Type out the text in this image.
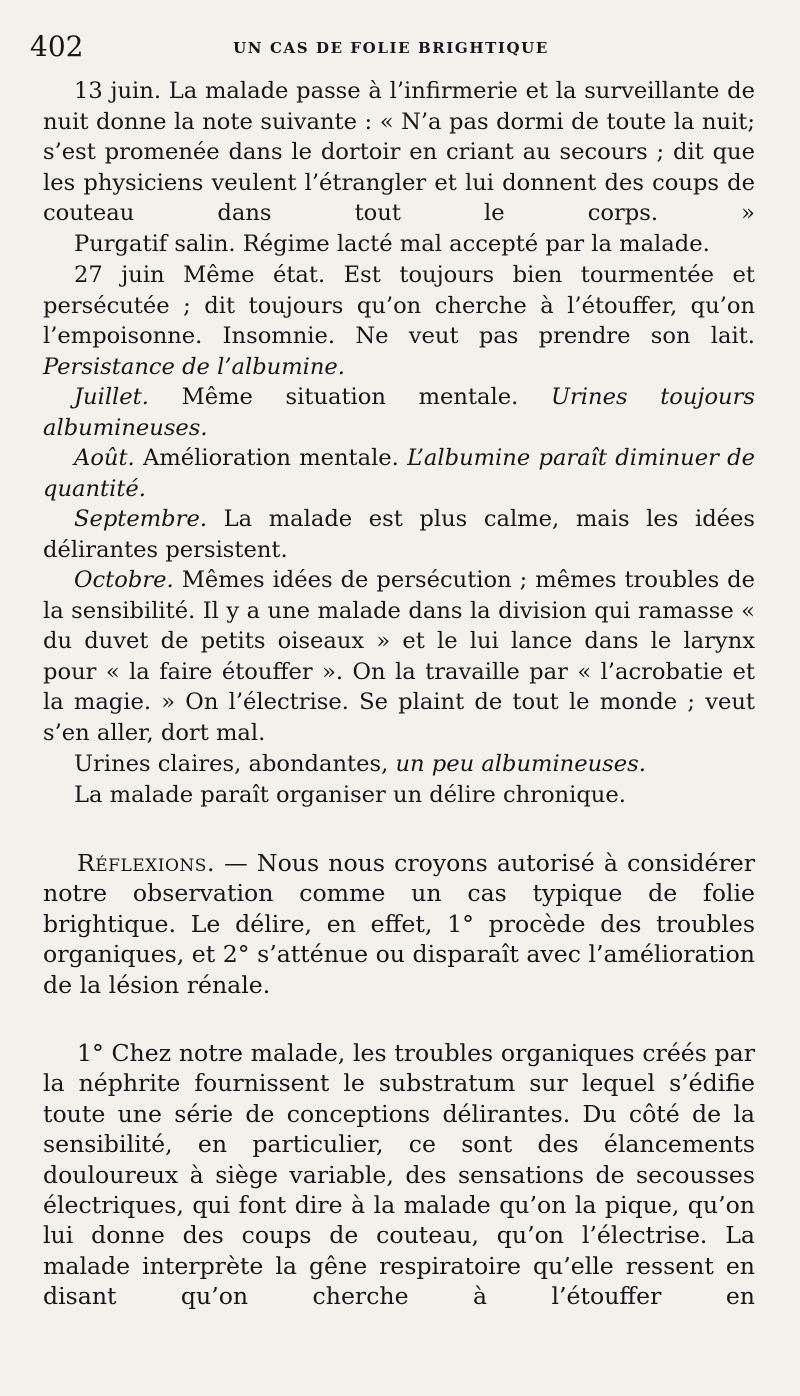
402	UN CAS DE FOLIE BRIGHTIQUE

13 juin. La malade passe à l’infirmerie et la surveillante de nuit donne la note suivante : « N’a pas dormi de toute la nuit; s’est promenée dans le dortoir en criant au secours ; dit que les physiciens veulent l’étrangler et lui donnent des coups de couteau dans tout le corps. »

Purgatif salin. Régime lacté mal accepté par la malade.

27 juin Même état. Est toujours bien tourmentée et persécutée ; dit toujours qu’on cherche à l’étouffer, qu’on l’empoisonne. Insomnie. Ne veut pas prendre son lait. Persistance de l’albumine.

Juillet. Même situation mentale. Urines toujours albumineuses.

Août. Amélioration mentale. L’albumine paraît diminuer de quantité.

Septembre. La malade est plus calme, mais les idées délirantes persistent.

Octobre. Mêmes idées de persécution ; mêmes troubles de la sensibilité. Il y a une malade dans la division qui ramasse « du duvet de petits oiseaux » et le lui lance dans le larynx pour « la faire étouffer ». On la travaille par « l’acrobatie et la magie. » On l’électrise. Se plaint de tout le monde ; veut s’en aller, dort mal.

Urines claires, abondantes, un peu albumineuses.

La malade paraît organiser un délire chronique.

Réflexions. — Nous nous croyons autorisé à considérer notre observation comme un cas typique de folie brightique. Le délire, en effet, 1° procède des troubles organiques, et 2° s’atténue ou disparaît avec l’amélioration de la lésion rénale.

1° Chez notre malade, les troubles organiques créés par la néphrite fournissent le substratum sur lequel s’édifie toute une série de conceptions délirantes. Du côté de la sensibilité, en particulier, ce sont des élancements douloureux à siège variable, des sensations de secousses électriques, qui font dire à la malade qu’on la pique, qu’on lui donne des coups de couteau, qu’on l’électrise. La malade interprète la gêne respiratoire qu’elle ressent en disant qu’on cherche à l’étouffer en
